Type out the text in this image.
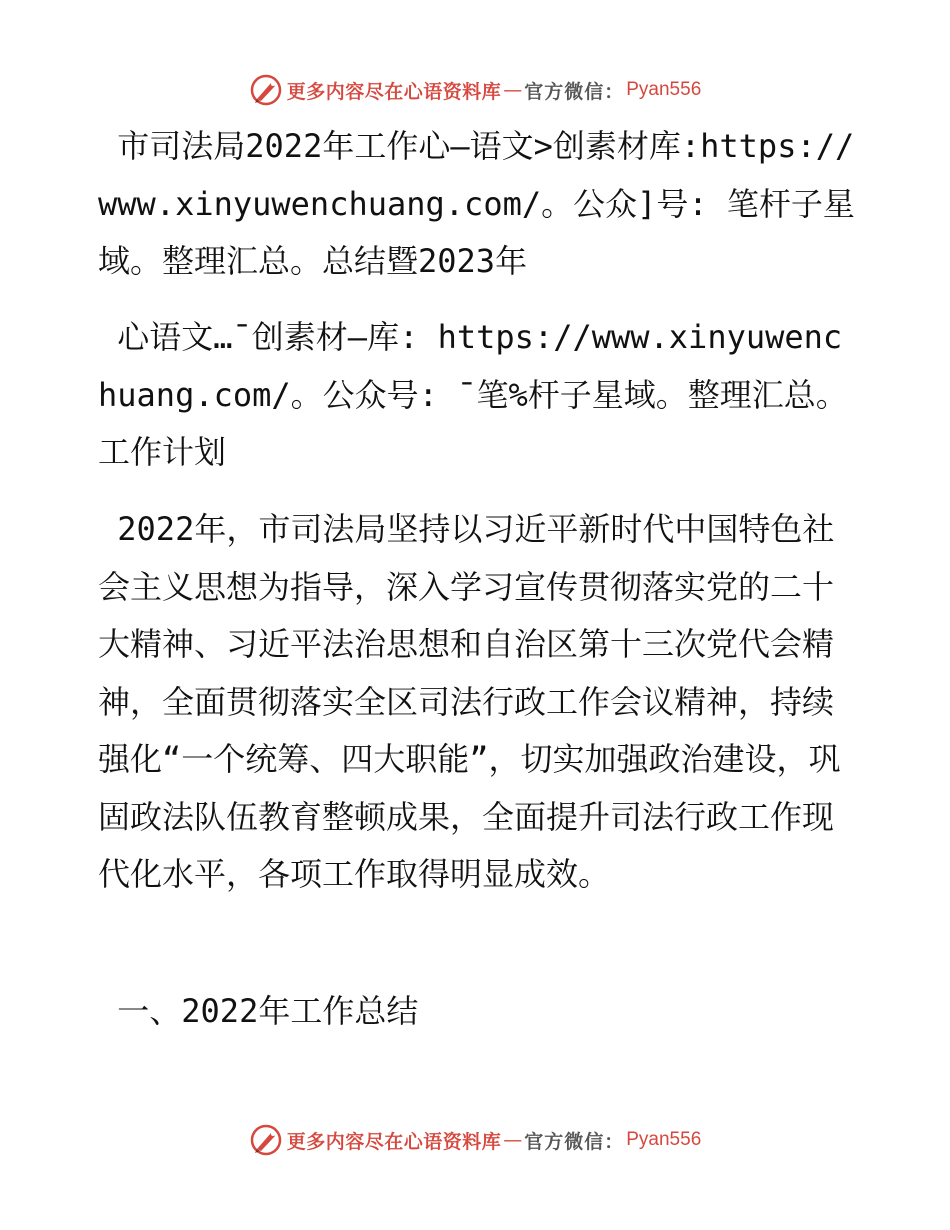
更多内容尽在心语资料库 — 官方微信： Pyan556

市司法局2022年工作心—语文>创素材库:https://www.xinyuwenchuang.com/。公众]号: 笔杆子星域。整理汇总。总结暨2023年

心语文…¯创素材—库: https://www.xinyuwenchuang.com/。公众号: ¯笔%杆子星域。整理汇总。工作计划

2022年，市司法局坚持以习近平新时代中国特色社会主义思想为指导，深入学习宣传贯彻落实党的二十大精神、习近平法治思想和自治区第十三次党代会精神，全面贯彻落实全区司法行政工作会议精神，持续强化“一个统筹、四大职能”，切实加强政治建设，巩固政法队伍教育整顿成果，全面提升司法行政工作现代化水平，各项工作取得明显成效。

一、2022年工作总结

更多内容尽在心语资料库 — 官方微信： Pyan556
